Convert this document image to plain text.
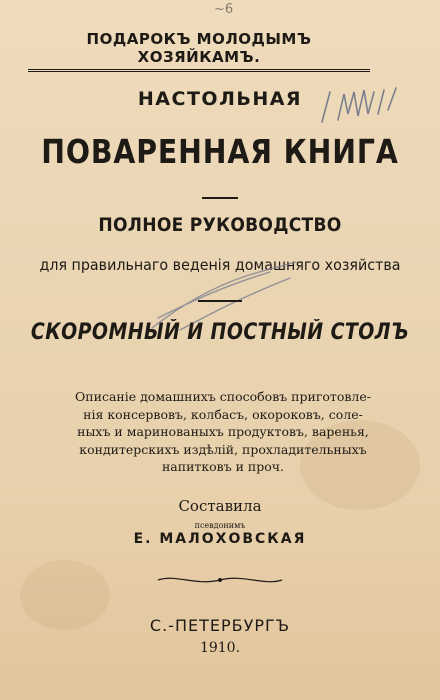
~6
ПОДАРОКЪ МОЛОДЫМЪ ХОЗЯЙКАМЪ.
НАСТОЛЬНАЯ
ПОВАРЕННАЯ КНИГА
ПОЛНОЕ РУКОВОДСТВО
для правильнаго веденія домашняго хозяйства
СКОРОМНЫЙ И ПОСТНЫЙ СТОЛЪ
Описаніе домашнихъ способовъ приготовле-
нія консервовъ, колбасъ, окороковъ, соле-
ныхъ и маринованыхъ продуктовъ, варенья,
кондитерскихъ издѣлій, прохладительныхъ
напитковъ и проч.
Составила
псевдонимъ
Е. МАЛОХОВСКАЯ
С.-ПЕТЕРБУРГЪ
1910.
